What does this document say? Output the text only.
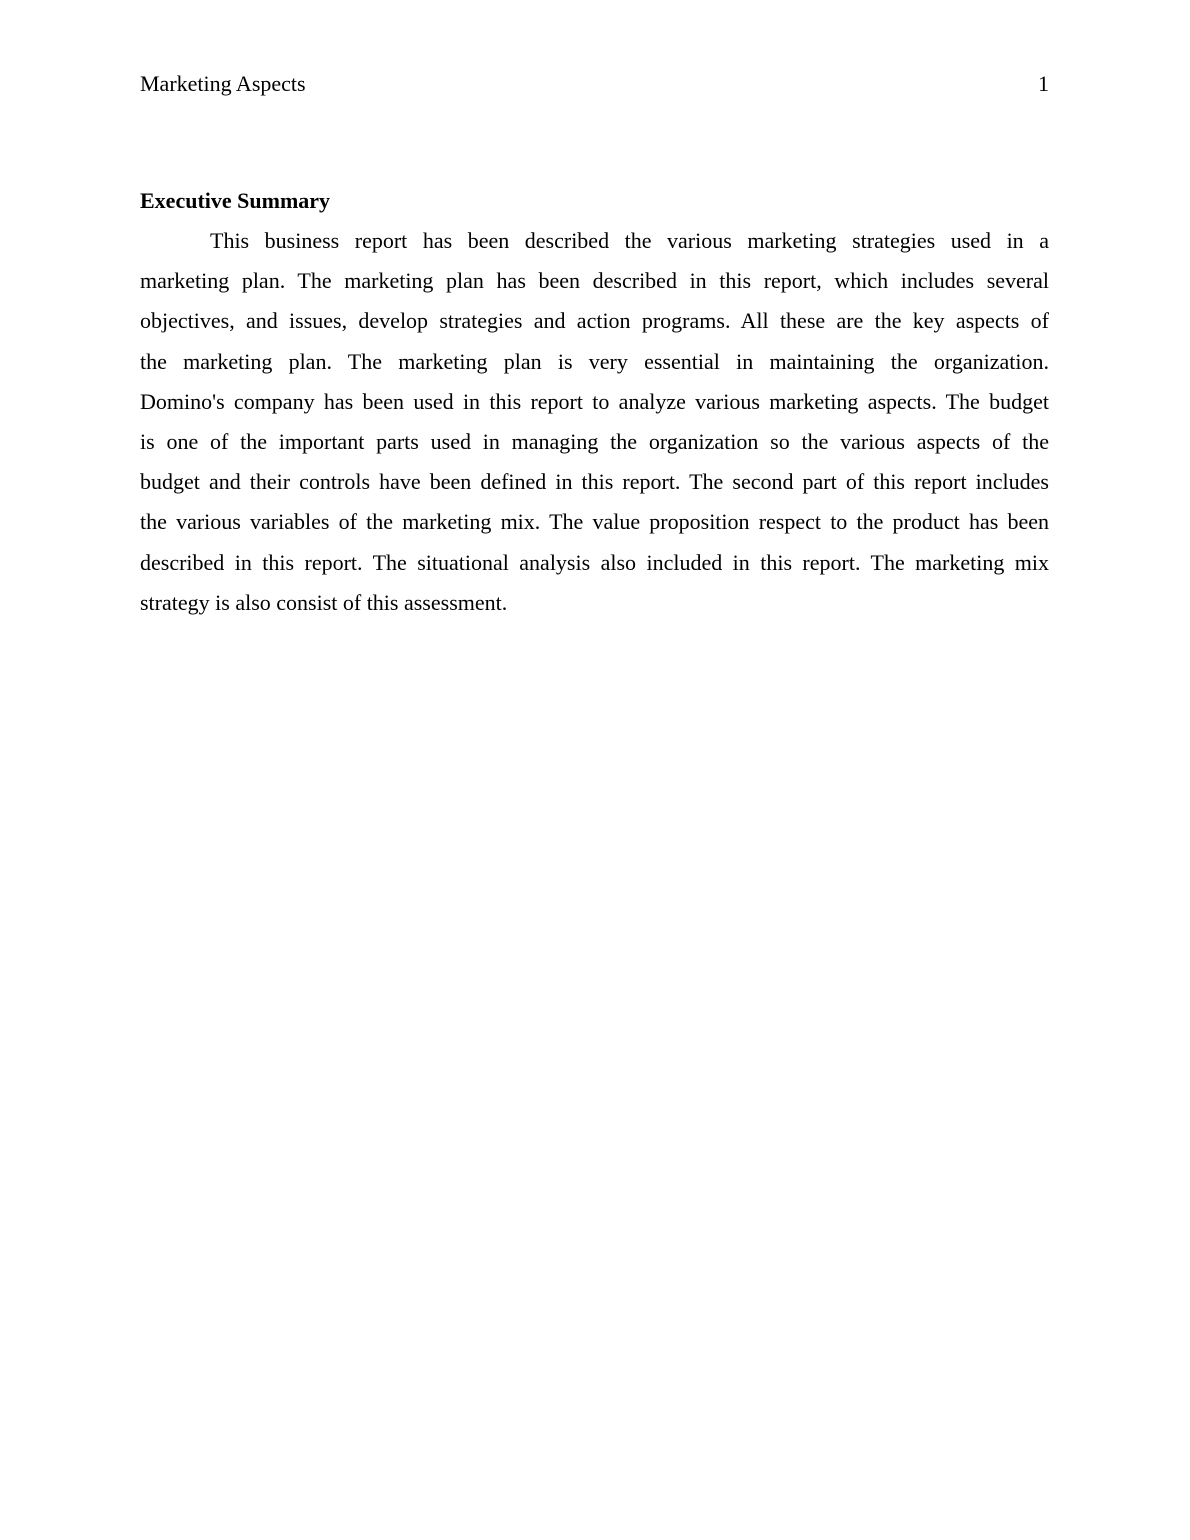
Marketing Aspects	1
Executive Summary
This business report has been described the various marketing strategies used in a
marketing plan. The marketing plan has been described in this report, which includes several
objectives, and issues, develop strategies and action programs. All these are the key aspects of
the marketing plan. The marketing plan is very essential in maintaining the organization.
Domino's company has been used in this report to analyze various marketing aspects. The budget
is one of the important parts used in managing the organization so the various aspects of the
budget and their controls have been defined in this report. The second part of this report includes
the various variables of the marketing mix. The value proposition respect to the product has been
described in this report. The situational analysis also included in this report. The marketing mix
strategy is also consist of this assessment.
